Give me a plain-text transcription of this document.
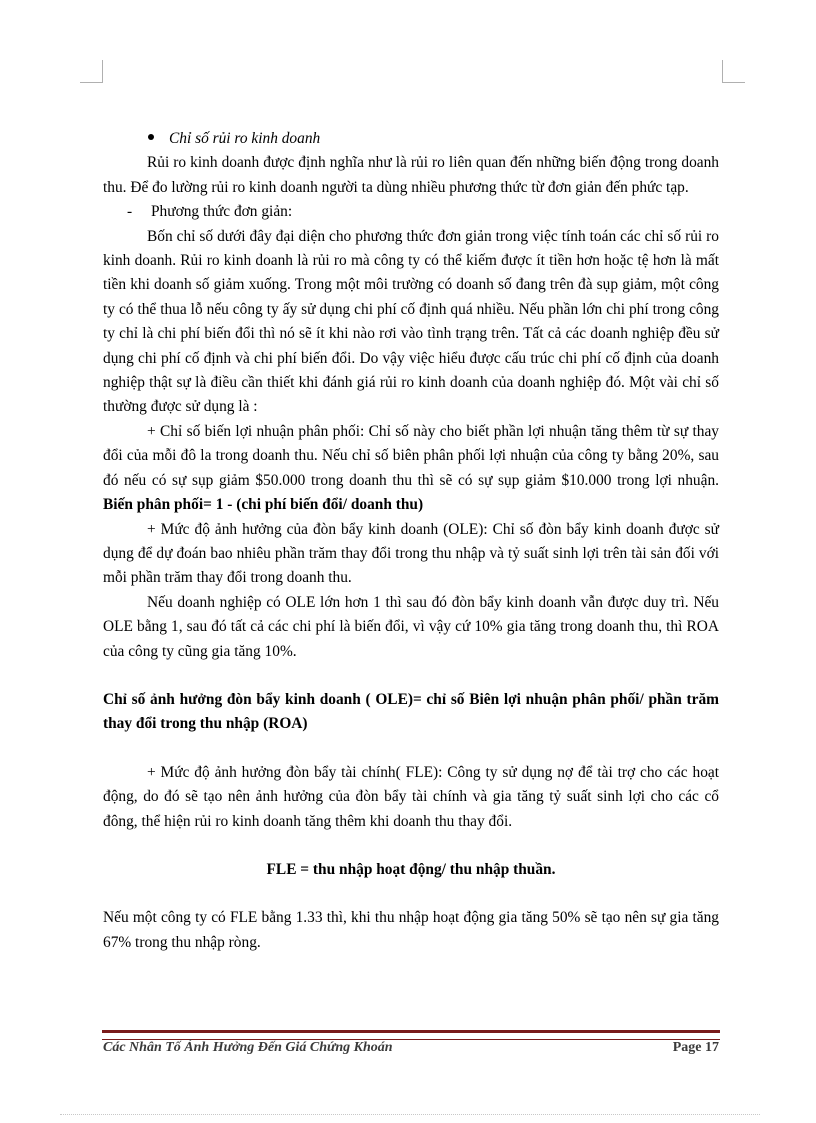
Chỉ số rủi ro kinh doanh

Rủi ro kinh doanh được định nghĩa như là rủi ro liên quan đến những biến động trong doanh thu. Để đo lường rủi ro kinh doanh người ta dùng nhiều phương thức từ đơn giản đến phức tạp.

- Phương thức đơn giản:

Bốn chỉ số dưới đây đại diện cho phương thức đơn giản trong việc tính toán các chỉ số rủi ro kinh doanh. Rủi ro kinh doanh là rủi ro mà công ty có thể kiếm được ít tiền hơn hoặc tệ hơn là mất tiền khi doanh số giảm xuống. Trong một môi trường có doanh số đang trên đà sụp giảm, một công ty có thể thua lỗ nếu công ty ấy sử dụng chi phí cố định quá nhiều. Nếu phần lớn chi phí trong công ty chỉ là chi phí biến đổi thì nó sẽ ít khi nào rơi vào tình trạng trên. Tất cả các doanh nghiệp đều sử dụng chi phí cố định và chi phí biến đổi. Do vậy việc hiểu được cấu trúc chi phí cố định của doanh nghiệp thật sự là điều cần thiết khi đánh giá rủi ro kinh doanh của doanh nghiệp đó. Một vài chỉ số thường được sử dụng là :

+ Chỉ số biến lợi nhuận phân phối: Chỉ số này cho biết phần lợi nhuận tăng thêm từ sự thay đổi của mỗi đô la trong doanh thu. Nếu chỉ số biên phân phối lợi nhuận của công ty bằng 20%, sau đó nếu có sự sụp giảm $50.000 trong doanh thu thì sẽ có sự sụp giảm $10.000 trong lợi nhuận. Biến phân phối= 1 - (chi phí biến đổi/ doanh thu)

+ Mức độ ảnh hưởng của đòn bẩy kinh doanh (OLE): Chỉ số đòn bẩy kinh doanh được sử dụng để dự đoán bao nhiêu phần trăm thay đổi trong thu nhập và tỷ suất sinh lợi trên tài sản đối với mỗi phần trăm thay đổi trong doanh thu.

Nếu doanh nghiệp có OLE lớn hơn 1 thì sau đó đòn bẩy kinh doanh vẫn được duy trì. Nếu OLE bằng 1, sau đó tất cả các chi phí là biến đổi, vì vậy cứ 10% gia tăng trong doanh thu, thì ROA của công ty cũng gia tăng 10%.

Chỉ số ảnh hưởng đòn bẩy kinh doanh ( OLE)= chỉ số Biên lợi nhuận phân phối/ phần trăm thay đổi trong thu nhập (ROA)

+ Mức độ ảnh hưởng đòn bẩy tài chính( FLE): Công ty sử dụng nợ để tài trợ cho các hoạt động, do đó sẽ tạo nên ảnh hưởng của đòn bẩy tài chính và gia tăng tỷ suất sinh lợi cho các cổ đông, thể hiện rủi ro kinh doanh tăng thêm khi doanh thu thay đổi.

FLE = thu nhập hoạt động/ thu nhập thuần.

Nếu một công ty có FLE bằng 1.33 thì, khi thu nhập hoạt động gia tăng 50% sẽ tạo nên sự gia tăng 67% trong thu nhập ròng.

Các Nhân Tố Ảnh Hưởng Đến Giá Chứng Khoán	Page 17
